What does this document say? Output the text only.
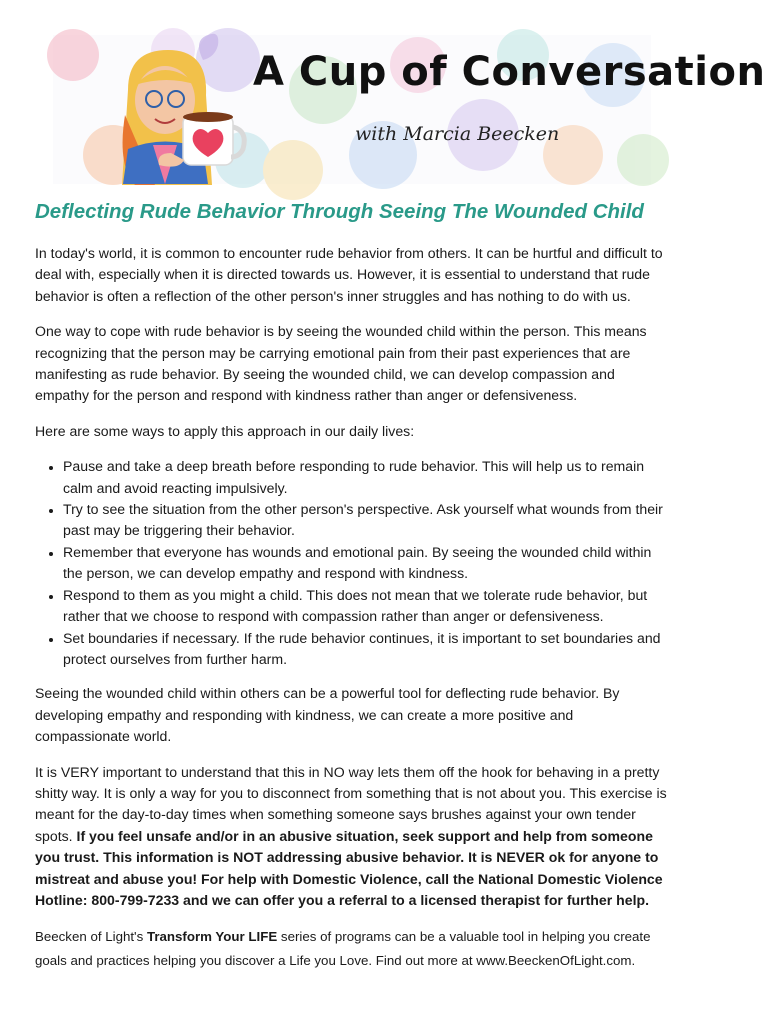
A Cup of Conversation
with Marcia Beecken
Deflecting Rude Behavior Through Seeing The Wounded Child

In today's world, it is common to encounter rude behavior from others. It can be hurtful and difficult to deal with, especially when it is directed towards us. However, it is essential to understand that rude behavior is often a reflection of the other person's inner struggles and has nothing to do with us.

One way to cope with rude behavior is by seeing the wounded child within the person. This means recognizing that the person may be carrying emotional pain from their past experiences that are manifesting as rude behavior. By seeing the wounded child, we can develop compassion and empathy for the person and respond with kindness rather than anger or defensiveness.

Here are some ways to apply this approach in our daily lives:

• Pause and take a deep breath before responding to rude behavior. This will help us to remain calm and avoid reacting impulsively.
• Try to see the situation from the other person's perspective. Ask yourself what wounds from their past may be triggering their behavior.
• Remember that everyone has wounds and emotional pain. By seeing the wounded child within the person, we can develop empathy and respond with kindness.
• Respond to them as you might a child. This does not mean that we tolerate rude behavior, but rather that we choose to respond with compassion rather than anger or defensiveness.
• Set boundaries if necessary. If the rude behavior continues, it is important to set boundaries and protect ourselves from further harm.

Seeing the wounded child within others can be a powerful tool for deflecting rude behavior. By developing empathy and responding with kindness, we can create a more positive and compassionate world.

It is VERY important to understand that this in NO way lets them off the hook for behaving in a pretty shitty way. It is only a way for you to disconnect from something that is not about you. This exercise is meant for the day-to-day times when something someone says brushes against your own tender spots. If you feel unsafe and/or in an abusive situation, seek support and help from someone you trust. This information is NOT addressing abusive behavior. It is NEVER ok for anyone to mistreat and abuse you! For help with Domestic Violence, call the National Domestic Violence Hotline: 800-799-7233 and we can offer you a referral to a licensed therapist for further help.

Beecken of Light's Transform Your LIFE series of programs can be a valuable tool in helping you create goals and practices helping you discover a Life you Love. Find out more at www.BeeckenOfLight.com.
